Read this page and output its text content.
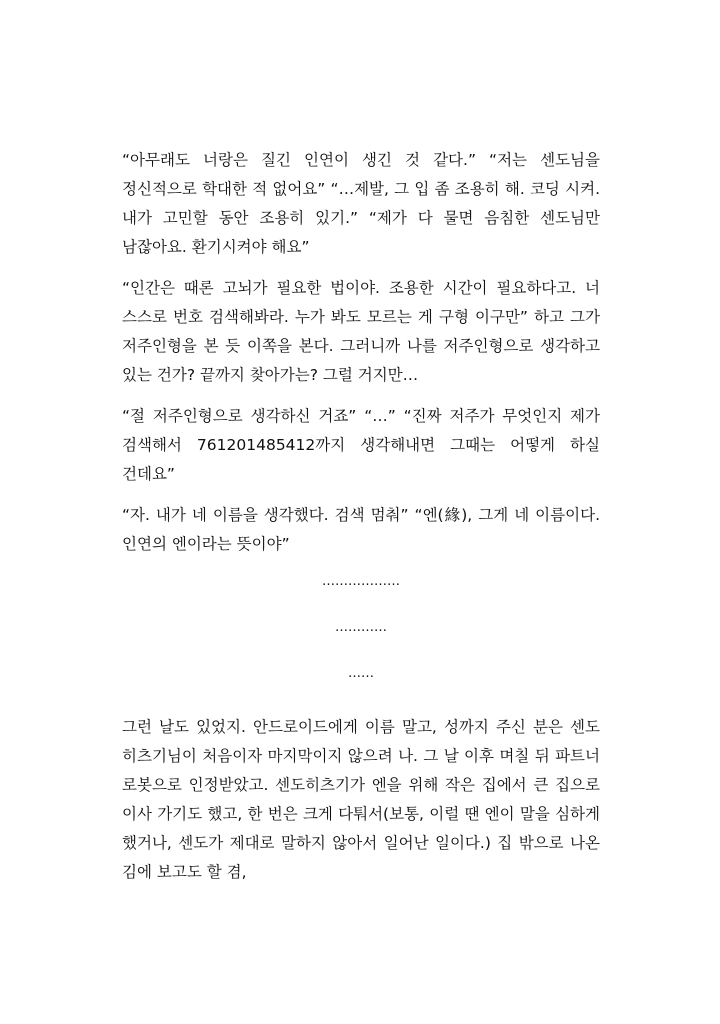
“아무래도 너랑은 질긴 인연이 생긴 것 같다.” “저는 센도님을 정신적으로 학대한 적 없어요” “…제발, 그 입 좀 조용히 해. 코딩 시켜. 내가 고민할 동안 조용히 있기.” “제가 다 물면 음침한 센도님만 남잖아요. 환기시켜야 해요”

“인간은 때론 고뇌가 필요한 법이야. 조용한 시간이 필요하다고. 너 스스로 번호 검색해봐라. 누가 봐도 모르는 게 구형 이구만” 하고 그가 저주인형을 본 듯 이쪽을 본다. 그러니까 나를 저주인형으로 생각하고 있는 건가? 끝까지 찾아가는? 그럴 거지만…

“절 저주인형으로 생각하신 거죠” “…” “진짜 저주가 무엇인지 제가 검색해서 761201485412까지 생각해내면 그때는 어떻게 하실 건데요”

“자. 내가 네 이름을 생각했다. 검색 멈춰” “엔(緣), 그게 네 이름이다. 인연의 엔이라는 뜻이야”

………………

…………

……

그런 날도 있었지. 안드로이드에게 이름 말고, 성까지 주신 분은 센도 히츠기님이 처음이자 마지막이지 않으려 나. 그 날 이후 며칠 뒤 파트너 로봇으로 인정받았고. 센도히츠기가 엔을 위해 작은 집에서 큰 집으로 이사 가기도 했고, 한 번은 크게 다퉈서(보통, 이럴 땐 엔이 말을 심하게 했거나, 센도가 제대로 말하지 않아서 일어난 일이다.) 집 밖으로 나온 김에 보고도 할 겸,
